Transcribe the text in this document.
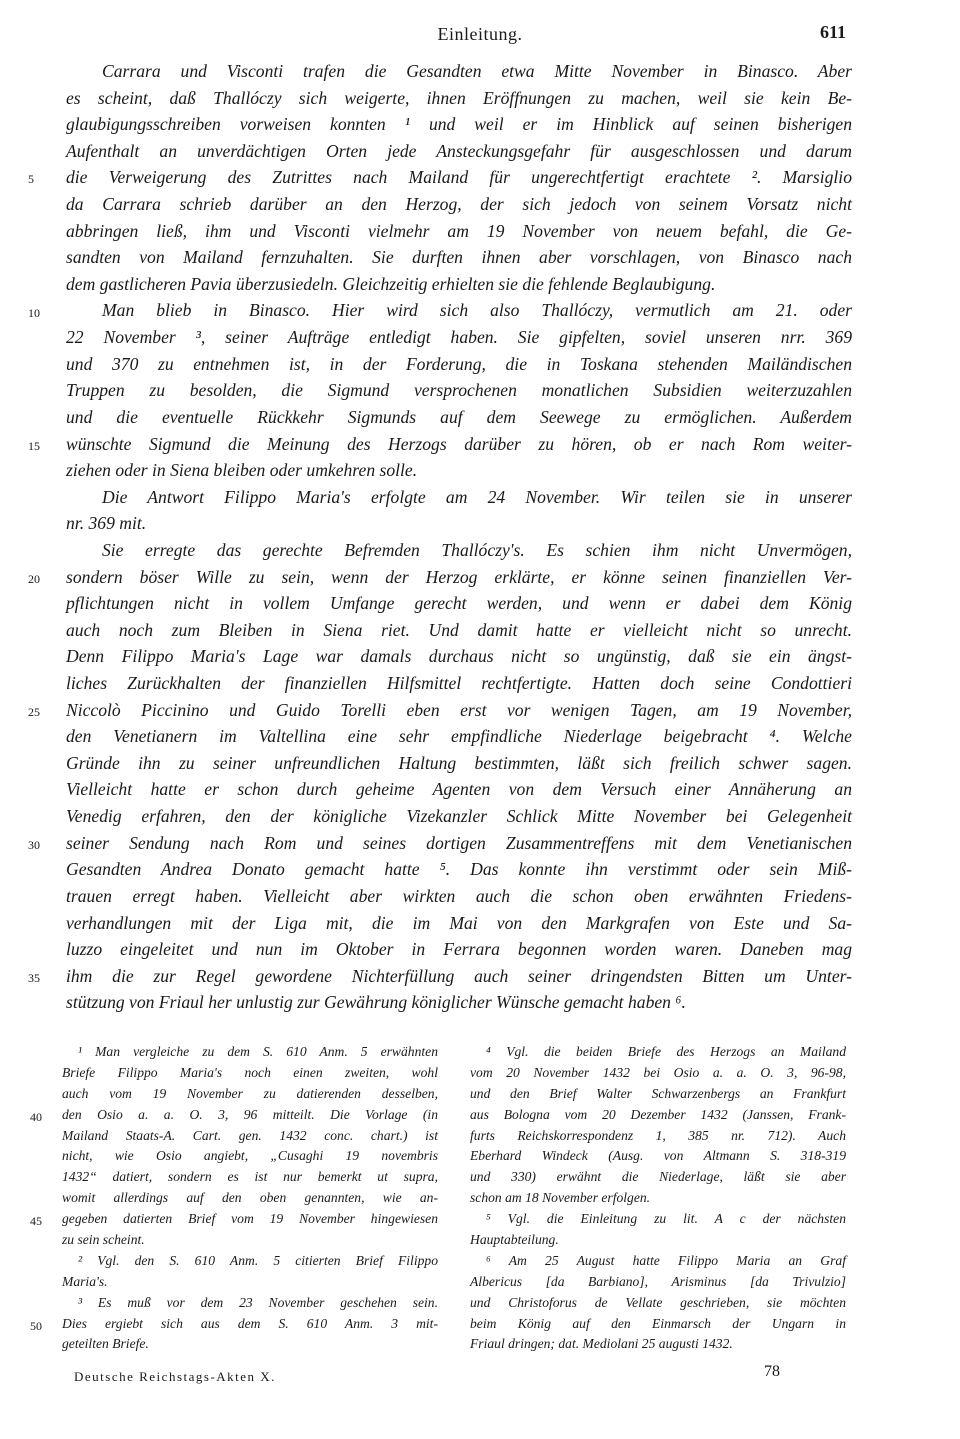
Einleitung.	611
Carrara und Visconti trafen die Gesandten etwa Mitte November in Binasco. Aber
es scheint, daß Thallóczy sich weigerte, ihnen Eröffnungen zu machen, weil sie kein Be-
glaubigungsschreiben vorweisen konnten ¹ und weil er im Hinblick auf seinen bisherigen
Aufenthalt an unverdächtigen Orten jede Ansteckungsgefahr für ausgeschlossen und darum
die Verweigerung des Zutrittes nach Mailand für ungerechtfertigt erachtete ². Marsiglio
da Carrara schrieb darüber an den Herzog, der sich jedoch von seinem Vorsatz nicht
abbringen ließ, ihm und Visconti vielmehr am 19 November von neuem befahl, die Ge-
sandten von Mailand fernzuhalten. Sie durften ihnen aber vorschlagen, von Binasco nach
dem gastlicheren Pavia überzusiedeln. Gleichzeitig erhielten sie die fehlende Beglaubigung.
Man blieb in Binasco. Hier wird sich also Thallóczy, vermutlich am 21. oder
22 November ³, seiner Aufträge entledigt haben. Sie gipfelten, soviel unseren nrr. 369
und 370 zu entnehmen ist, in der Forderung, die in Toskana stehenden Mailändischen
Truppen zu besolden, die Sigmund versprochenen monatlichen Subsidien weiterzuzahlen
und die eventuelle Rückkehr Sigmunds auf dem Seewege zu ermöglichen. Außerdem
wünschte Sigmund die Meinung des Herzogs darüber zu hören, ob er nach Rom weiter-
ziehen oder in Siena bleiben oder umkehren solle.
Die Antwort Filippo Maria's erfolgte am 24 November. Wir teilen sie in unserer
nr. 369 mit.
Sie erregte das gerechte Befremden Thallóczy's. Es schien ihm nicht Unvermögen,
sondern böser Wille zu sein, wenn der Herzog erklärte, er könne seinen finanziellen Ver-
pflichtungen nicht in vollem Umfange gerecht werden, und wenn er dabei dem König
auch noch zum Bleiben in Siena riet. Und damit hatte er vielleicht nicht so unrecht.
Denn Filippo Maria's Lage war damals durchaus nicht so ungünstig, daß sie ein ängst-
liches Zurückhalten der finanziellen Hilfsmittel rechtfertigte. Hatten doch seine Condottieri
Niccolò Piccinino und Guido Torelli eben erst vor wenigen Tagen, am 19 November,
den Venetianern im Valtellina eine sehr empfindliche Niederlage beigebracht ⁴. Welche
Gründe ihn zu seiner unfreundlichen Haltung bestimmten, läßt sich freilich schwer sagen.
Vielleicht hatte er schon durch geheime Agenten von dem Versuch einer Annäherung an
Venedig erfahren, den der königliche Vizekanzler Schlick Mitte November bei Gelegenheit
seiner Sendung nach Rom und seines dortigen Zusammentreffens mit dem Venetianischen
Gesandten Andrea Donato gemacht hatte ⁵. Das konnte ihn verstimmt oder sein Miß-
trauen erregt haben. Vielleicht aber wirkten auch die schon oben erwähnten Friedens-
verhandlungen mit der Liga mit, die im Mai von den Markgrafen von Este und Sa-
luzzo eingeleitet und nun im Oktober in Ferrara begonnen worden waren. Daneben mag
ihm die zur Regel gewordene Nichterfüllung auch seiner dringendsten Bitten um Unter-
stützung von Friaul her unlustig zur Gewährung königlicher Wünsche gemacht haben ⁶.
5
10
15
20
25
30
35
40
45
50
¹ Man vergleiche zu dem S. 610 Anm. 5 erwähnten
Briefe Filippo Maria's noch einen zweiten, wohl
auch vom 19 November zu datierenden desselben,
den Osio a. a. O. 3, 96 mitteilt. Die Vorlage (in
Mailand Staats-A. Cart. gen. 1432 conc. chart.) ist
nicht, wie Osio angiebt, „Cusaghi 19 novembris
1432“ datiert, sondern es ist nur bemerkt ut supra,
womit allerdings auf den oben genannten, wie an-
gegeben datierten Brief vom 19 November hingewiesen
zu sein scheint.
² Vgl. den S. 610 Anm. 5 citierten Brief Filippo
Maria's.
³ Es muß vor dem 23 November geschehen sein.
Dies ergiebt sich aus dem S. 610 Anm. 3 mit-
geteilten Briefe.
⁴ Vgl. die beiden Briefe des Herzogs an Mailand
vom 20 November 1432 bei Osio a. a. O. 3, 96-98,
und den Brief Walter Schwarzenbergs an Frankfurt
aus Bologna vom 20 Dezember 1432 (Janssen, Frank-
furts Reichskorrespondenz 1, 385 nr. 712). Auch
Eberhard Windeck (Ausg. von Altmann S. 318-319
und 330) erwähnt die Niederlage, läßt sie aber
schon am 18 November erfolgen.
⁵ Vgl. die Einleitung zu lit. A c der nächsten
Hauptabteilung.
⁶ Am 25 August hatte Filippo Maria an Graf
Albericus [da Barbiano], Arisminus [da Trivulzio]
und Christoforus de Vellate geschrieben, sie möchten
beim König auf den Einmarsch der Ungarn in
Friaul dringen; dat. Mediolani 25 augusti 1432.
Deutsche Reichstags-Akten X.	78
